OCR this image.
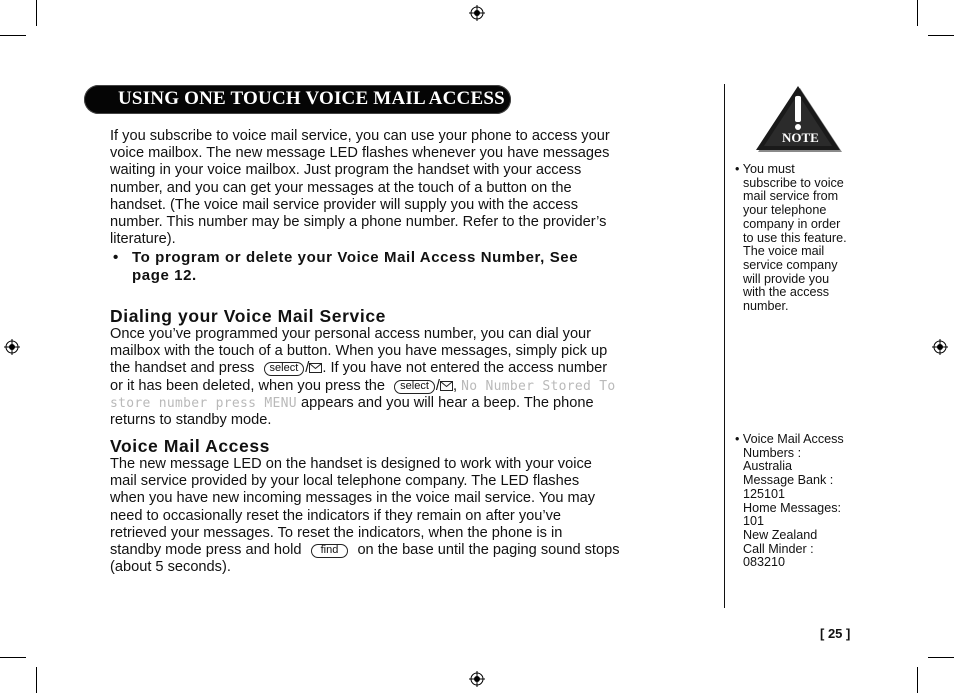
USING ONE TOUCH VOICE MAIL ACCESS
If you subscribe to voice mail service, you can use your phone to access your
voice mailbox. The new message LED flashes whenever you have messages
waiting in your voice mailbox. Just program the handset with your access
number, and you can get your messages at the touch of a button on the
handset. (The voice mail service provider will supply you with the access
number. This number may be simply a phone number. Refer to the provider’s
literature).
• To program or delete your Voice Mail Access Number, See
page 12.
Dialing your Voice Mail Service
Once you’ve programmed your personal access number, you can dial your
mailbox with the touch of a button. When you have messages, simply pick up
the handset and press select / . If you have not entered the access number
or it has been deleted, when you press the select / , No Number Stored To
store number press MENU appears and you will hear a beep. The phone
returns to standby mode.
Voice Mail Access
The new message LED on the handset is designed to work with your voice
mail service provided by your local telephone company. The LED flashes
when you have new incoming messages in the voice mail service. You may
need to occasionally reset the indicators if they remain on after you’ve
retrieved your messages. To reset the indicators, when the phone is in
standby mode press and hold find on the base until the paging sound stops
(about 5 seconds).
NOTE
• You must
subscribe to voice
mail service from
your telephone
company in order
to use this feature.
The voice mail
service company
will provide you
with the access
number.
• Voice Mail Access
Numbers :
Australia
Message Bank :
125101
Home Messages:
101
New Zealand
Call Minder :
083210
[ 25 ]
